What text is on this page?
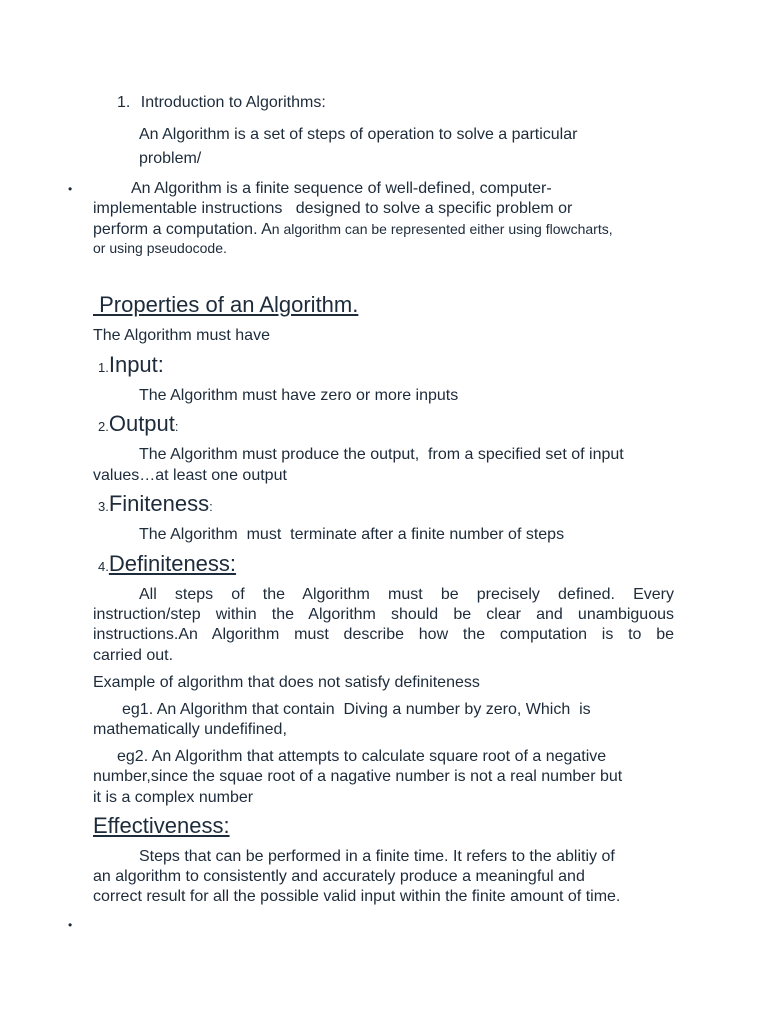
1. Introduction to Algorithms:
An Algorithm is a set of steps of operation to solve a particular
problem/
•	An Algorithm is a finite sequence of well-defined, computer-
implementable instructions   designed to solve a specific problem or
perform a computation. An algorithm can be represented either using flowcharts,
or using pseudocode.
Properties of an Algorithm.
The Algorithm must have
1.Input:
The Algorithm must have zero or more inputs
2.Output:
The Algorithm must produce the output,  from a specified set of input
values…at least one output
3.Finiteness:
The Algorithm  must  terminate after a finite number of steps
4.Definiteness:
All steps of the Algorithm must be precisely defined. Every
instruction/step within the Algorithm should be clear and unambiguous
instructions.An Algorithm must describe how the computation is to be
carried out.
Example of algorithm that does not satisfy definiteness
eg1. An Algorithm that contain  Diving a number by zero, Which  is
mathematically undefifined,
eg2. An Algorithm that attempts to calculate square root of a negative
number,since the squae root of a nagative number is not a real number but
it is a complex number
Effectiveness:
Steps that can be performed in a finite time. It refers to the ablitiy of
an algorithm to consistently and accurately produce a meaningful and
correct result for all the possible valid input within the finite amount of time.
•
